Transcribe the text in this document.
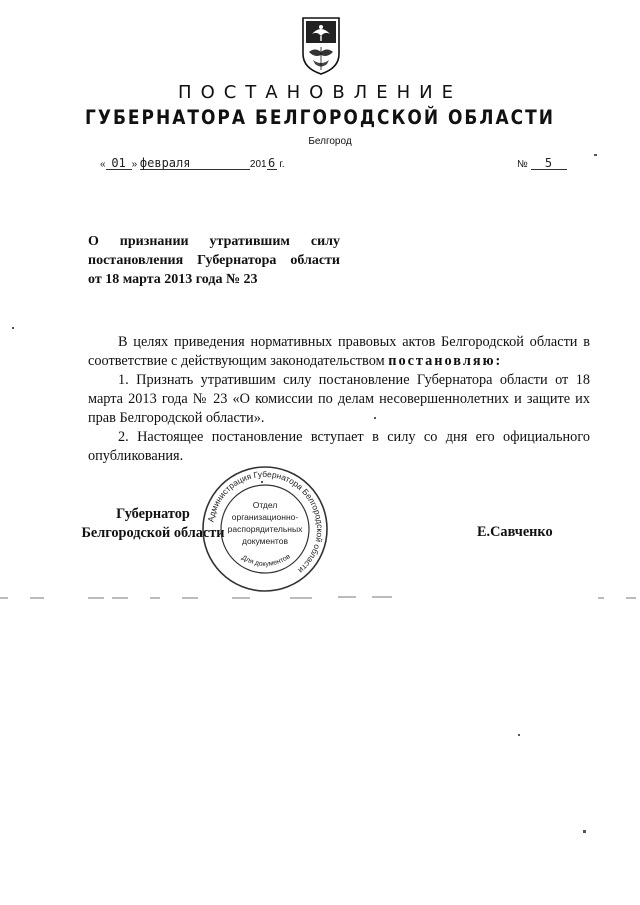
ПОСТАНОВЛЕНИЕ
ГУБЕРНАТОРА БЕЛГОРОДСКОЙ ОБЛАСТИ
Белгород
« 01 » февраля	2016 г.	№ 5
О признании утратившим силу
постановления Губернатора области
от 18 марта 2013 года № 23

В целях приведения нормативных правовых актов Белгородской области в соответствие с действующим законодательством постановляю:

1. Признать утратившим силу постановление Губернатора области от 18 марта 2013 года № 23 «О комиссии по делам несовершеннолетних и защите их прав Белгородской области».

2. Настоящее постановление вступает в силу со дня его официального опубликования.

Губернатор
Белгородской области	Е.Савченко
Администрация Губернатора Белгородской области
Отдел
организационно-
распорядительных
документов
Для документов
